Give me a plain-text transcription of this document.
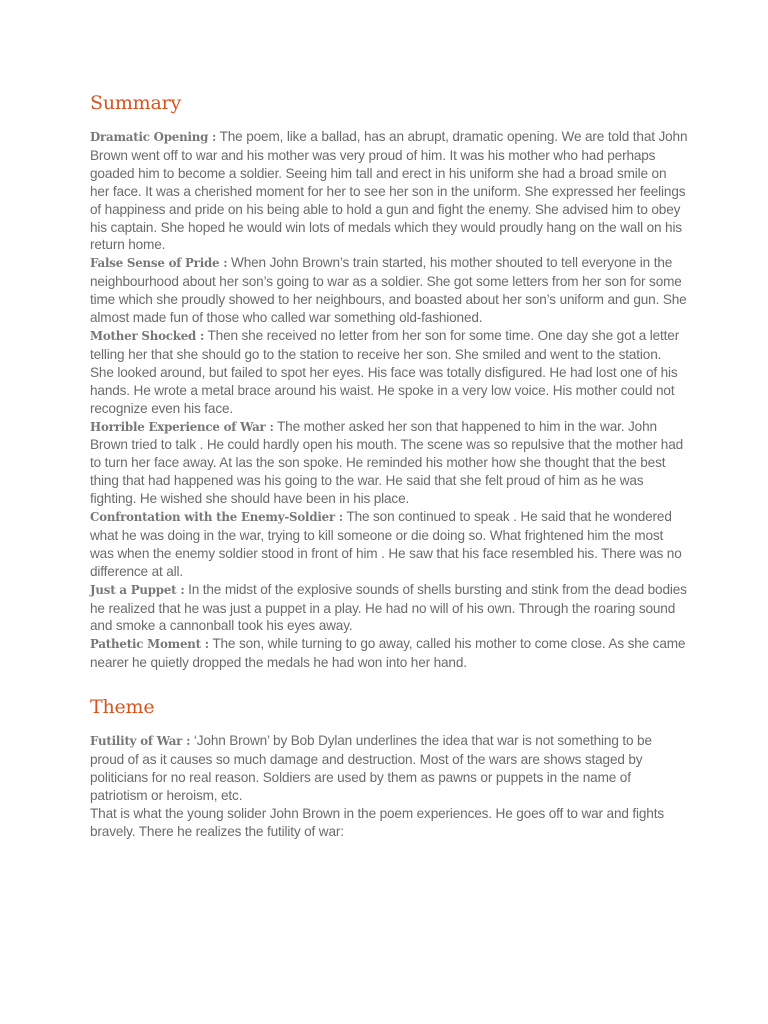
Summary

Dramatic Opening : The poem, like a ballad, has an abrupt, dramatic opening. We are told that John Brown went off to war and his mother was very proud of him. It was his mother who had perhaps goaded him to become a soldier. Seeing him tall and erect in his uniform she had a broad smile on her face. It was a cherished moment for her to see her son in the uniform. She expressed her feelings of happiness and pride on his being able to hold a gun and fight the enemy. She advised him to obey his captain. She hoped he would win lots of medals which they would proudly hang on the wall on his return home.

False Sense of Pride : When John Brown’s train started, his mother shouted to tell everyone in the neighbourhood about her son’s going to war as a soldier. She got some letters from her son for some time which she proudly showed to her neighbours, and boasted about her son’s uniform and gun. She almost made fun of those who called war something old-fashioned.

Mother Shocked : Then she received no letter from her son for some time. One day she got a letter telling her that she should go to the station to receive her son. She smiled and went to the station. She looked around, but failed to spot her eyes. His face was totally disfigured. He had lost one of his hands. He wrote a metal brace around his waist. He spoke in a very low voice. His mother could not recognize even his face.

Horrible Experience of War : The mother asked her son that happened to him in the war. John Brown tried to talk . He could hardly open his mouth. The scene was so repulsive that the mother had to turn her face away. At las the son spoke. He reminded his mother how she thought that the best thing that had happened was his going to the war. He said that she felt proud of him as he was fighting. He wished she should have been in his place.

Confrontation with the Enemy-Soldier : The son continued to speak . He said that he wondered what he was doing in the war, trying to kill someone or die doing so. What frightened him the most was when the enemy soldier stood in front of him . He saw that his face resembled his. There was no difference at all.

Just a Puppet : In the midst of the explosive sounds of shells bursting and stink from the dead bodies he realized that he was just a puppet in a play. He had no will of his own. Through the roaring sound and smoke a cannonball took his eyes away.

Pathetic Moment : The son, while turning to go away, called his mother to come close. As she came nearer he quietly dropped the medals he had won into her hand.

Theme

Futility of War : ‘John Brown’ by Bob Dylan underlines the idea that war is not something to be proud of as it causes so much damage and destruction. Most of the wars are shows staged by politicians for no real reason. Soldiers are used by them as pawns or puppets in the name of patriotism or heroism, etc.

That is what the young solider John Brown in the poem experiences. He goes off to war and fights bravely. There he realizes the futility of war:
